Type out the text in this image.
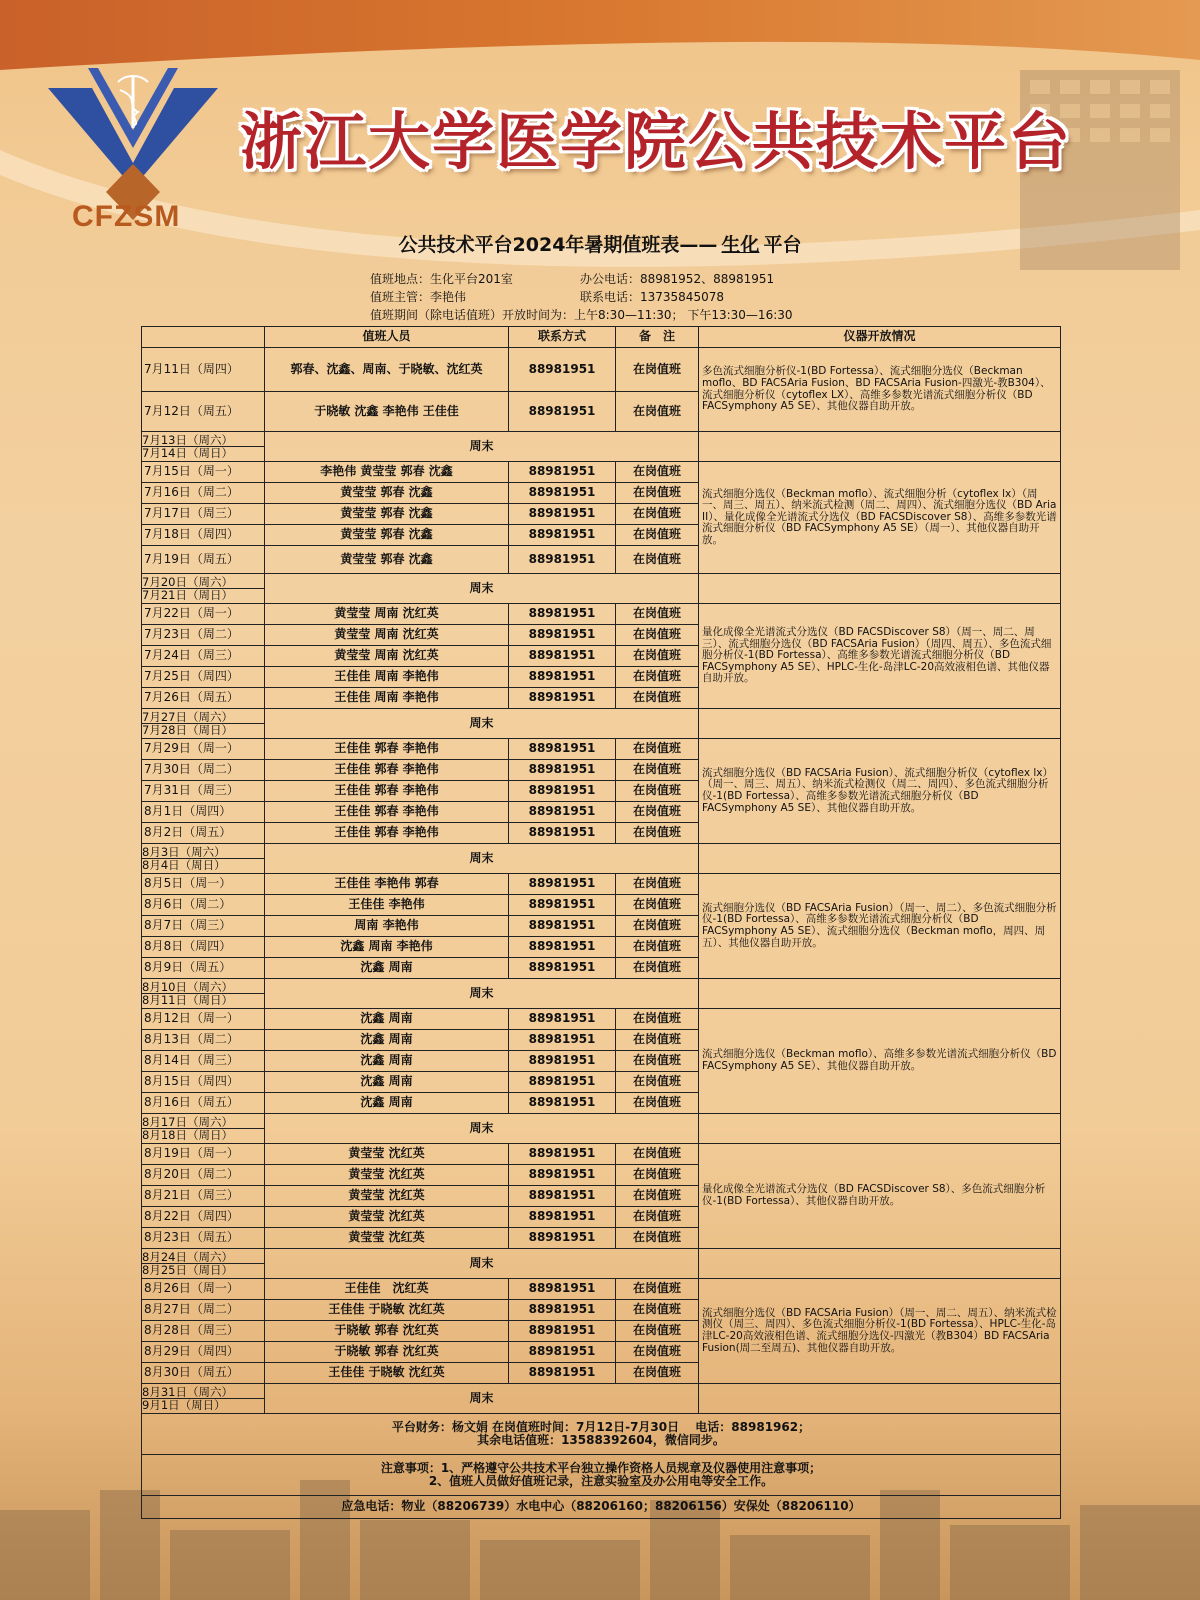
CFZSM
浙江大学医学院公共技术平台
公共技术平台2024年暑期值班表—— 生化 平台
值班地点：生化平台201室	办公电话：88981952、88981951
值班主管：李艳伟	联系电话：13735845078
值班期间（除电话值班）开放时间为：上午8:30—11:30； 下午13:30—16:30
	值班人员	联系方式	备　注	仪器开放情况
7月11日（周四）	郭春、沈鑫、周南、于晓敏、沈红英	88981951	在岗值班	多色流式细胞分析仪-1(BD Fortessa）、流式细胞分选仪（Beckman moflo、BD FACSAria Fusion、BD FACSAria Fusion-四激光-教B304）、流式细胞分析仪（cytoflex LX）、高维多参数光谱流式细胞分析仪（BD FACSymphony A5 SE）、其他仪器自助开放。
7月12日（周五）	于晓敏 沈鑫 李艳伟 王佳佳	88981951	在岗值班	

7月13日（周六）
7月14日（周日）	周末			
7月15日（周一）	李艳伟 黄莹莹 郭春 沈鑫	88981951	在岗值班	流式细胞分选仪（Beckman moflo）、流式细胞分析（cytoflex lx）（周一、周三、周五）、纳米流式检测（周二、周四）、流式细胞分选仪（BD Aria II）、量化成像全光谱流式分选仪（BD FACSDiscover S8）、高维多参数光谱流式细胞分析仪（BD FACSymphony A5 SE）（周一）、其他仪器自助开放。
7月16日（周二）	黄莹莹 郭春 沈鑫	88981951	在岗值班	
7月17日（周三）	黄莹莹 郭春 沈鑫	88981951	在岗值班	
7月18日（周四）	黄莹莹 郭春 沈鑫	88981951	在岗值班	
7月19日（周五）	黄莹莹 郭春 沈鑫	88981951	在岗值班	

7月20日（周六）
7月21日（周日）	周末			
7月22日（周一）	黄莹莹 周南 沈红英	88981951	在岗值班	量化成像全光谱流式分选仪（BD FACSDiscover S8）（周一、周二、周三）、流式细胞分选仪（BD FACSAria Fusion）（周四、周五）、多色流式细胞分析仪-1(BD Fortessa）、高维多参数光谱流式细胞分析仪（BD FACSymphony A5 SE）、HPLC-生化-岛津LC-20高效液相色谱、其他仪器自助开放。
7月23日（周二）	黄莹莹 周南 沈红英	88981951	在岗值班	
7月24日（周三）	黄莹莹 周南 沈红英	88981951	在岗值班	
7月25日（周四）	王佳佳 周南 李艳伟	88981951	在岗值班	
7月26日（周五）	王佳佳 周南 李艳伟	88981951	在岗值班	

7月27日（周六）
7月28日（周日）	周末			
7月29日（周一）	王佳佳 郭春 李艳伟	88981951	在岗值班	流式细胞分选仪（BD FACSAria Fusion）、流式细胞分析仪（cytoflex lx）（周一、周三、周五）、纳米流式检测仪（周二、周四）、多色流式细胞分析仪-1(BD Fortessa）、高维多参数光谱流式细胞分析仪（BD FACSymphony A5 SE）、其他仪器自助开放。
7月30日（周二）	王佳佳 郭春 李艳伟	88981951	在岗值班	
7月31日（周三）	王佳佳 郭春 李艳伟	88981951	在岗值班	
8月1日（周四）	王佳佳 郭春 李艳伟	88981951	在岗值班	
8月2日（周五）	王佳佳 郭春 李艳伟	88981951	在岗值班	

8月3日（周六）
8月4日（周日）	周末			
8月5日（周一）	王佳佳 李艳伟 郭春	88981951	在岗值班	流式细胞分选仪（BD FACSAria Fusion）（周一、周二）、多色流式细胞分析仪-1(BD Fortessa）、高维多参数光谱流式细胞分析仪（BD FACSymphony A5 SE）、流式细胞分选仪（Beckman moflo，周四、周五）、其他仪器自助开放。
8月6日（周二）	王佳佳 李艳伟	88981951	在岗值班	
8月7日（周三）	周南 李艳伟	88981951	在岗值班	
8月8日（周四）	沈鑫 周南 李艳伟	88981951	在岗值班	
8月9日（周五）	沈鑫 周南	88981951	在岗值班	

8月10日（周六）
8月11日（周日）	周末			
8月12日（周一）	沈鑫 周南	88981951	在岗值班	流式细胞分选仪（Beckman moflo）、高维多参数光谱流式细胞分析仪（BD FACSymphony A5 SE）、其他仪器自助开放。
8月13日（周二）	沈鑫 周南	88981951	在岗值班	
8月14日（周三）	沈鑫 周南	88981951	在岗值班	
8月15日（周四）	沈鑫 周南	88981951	在岗值班	
8月16日（周五）	沈鑫 周南	88981951	在岗值班	

8月17日（周六）
8月18日（周日）	周末			
8月19日（周一）	黄莹莹 沈红英	88981951	在岗值班	量化成像全光谱流式分选仪（BD FACSDiscover S8）、多色流式细胞分析仪-1(BD Fortessa）、其他仪器自助开放。
8月20日（周二）	黄莹莹 沈红英	88981951	在岗值班	
8月21日（周三）	黄莹莹 沈红英	88981951	在岗值班	
8月22日（周四）	黄莹莹 沈红英	88981951	在岗值班	
8月23日（周五）	黄莹莹 沈红英	88981951	在岗值班	

8月24日（周六）
8月25日（周日）	周末			
8月26日（周一）	王佳佳　沈红英	88981951	在岗值班	流式细胞分选仪（BD FACSAria Fusion）（周一、周二、周五）、纳米流式检测仪（周三、周四）、多色流式细胞分析仪-1(BD Fortessa）、HPLC-生化-岛津LC-20高效液相色谱、流式细胞分选仪-四激光（教B304）BD FACSAria Fusion(周二至周五)、其他仪器自助开放。
8月27日（周二）	王佳佳 于晓敏 沈红英	88981951	在岗值班	
8月28日（周三）	于晓敏 郭春 沈红英	88981951	在岗值班	
8月29日（周四）	于晓敏 郭春 沈红英	88981951	在岗值班	
8月30日（周五）	王佳佳 于晓敏 沈红英	88981951	在岗值班	

8月31日（周六）
9月1日（周日）	周末			

平台财务：杨文娟 在岗值班时间：7月12日-7月30日　 电话：88981962；
其余电话值班：13588392604，微信同步。				

注意事项：1、严格遵守公共技术平台独立操作资格人员规章及仪器使用注意事项；
2、值班人员做好值班记录，注意实验室及办公用电等安全工作。				

应急电话：物业（88206739）水电中心（88206160；88206156）安保处（88206110）				
